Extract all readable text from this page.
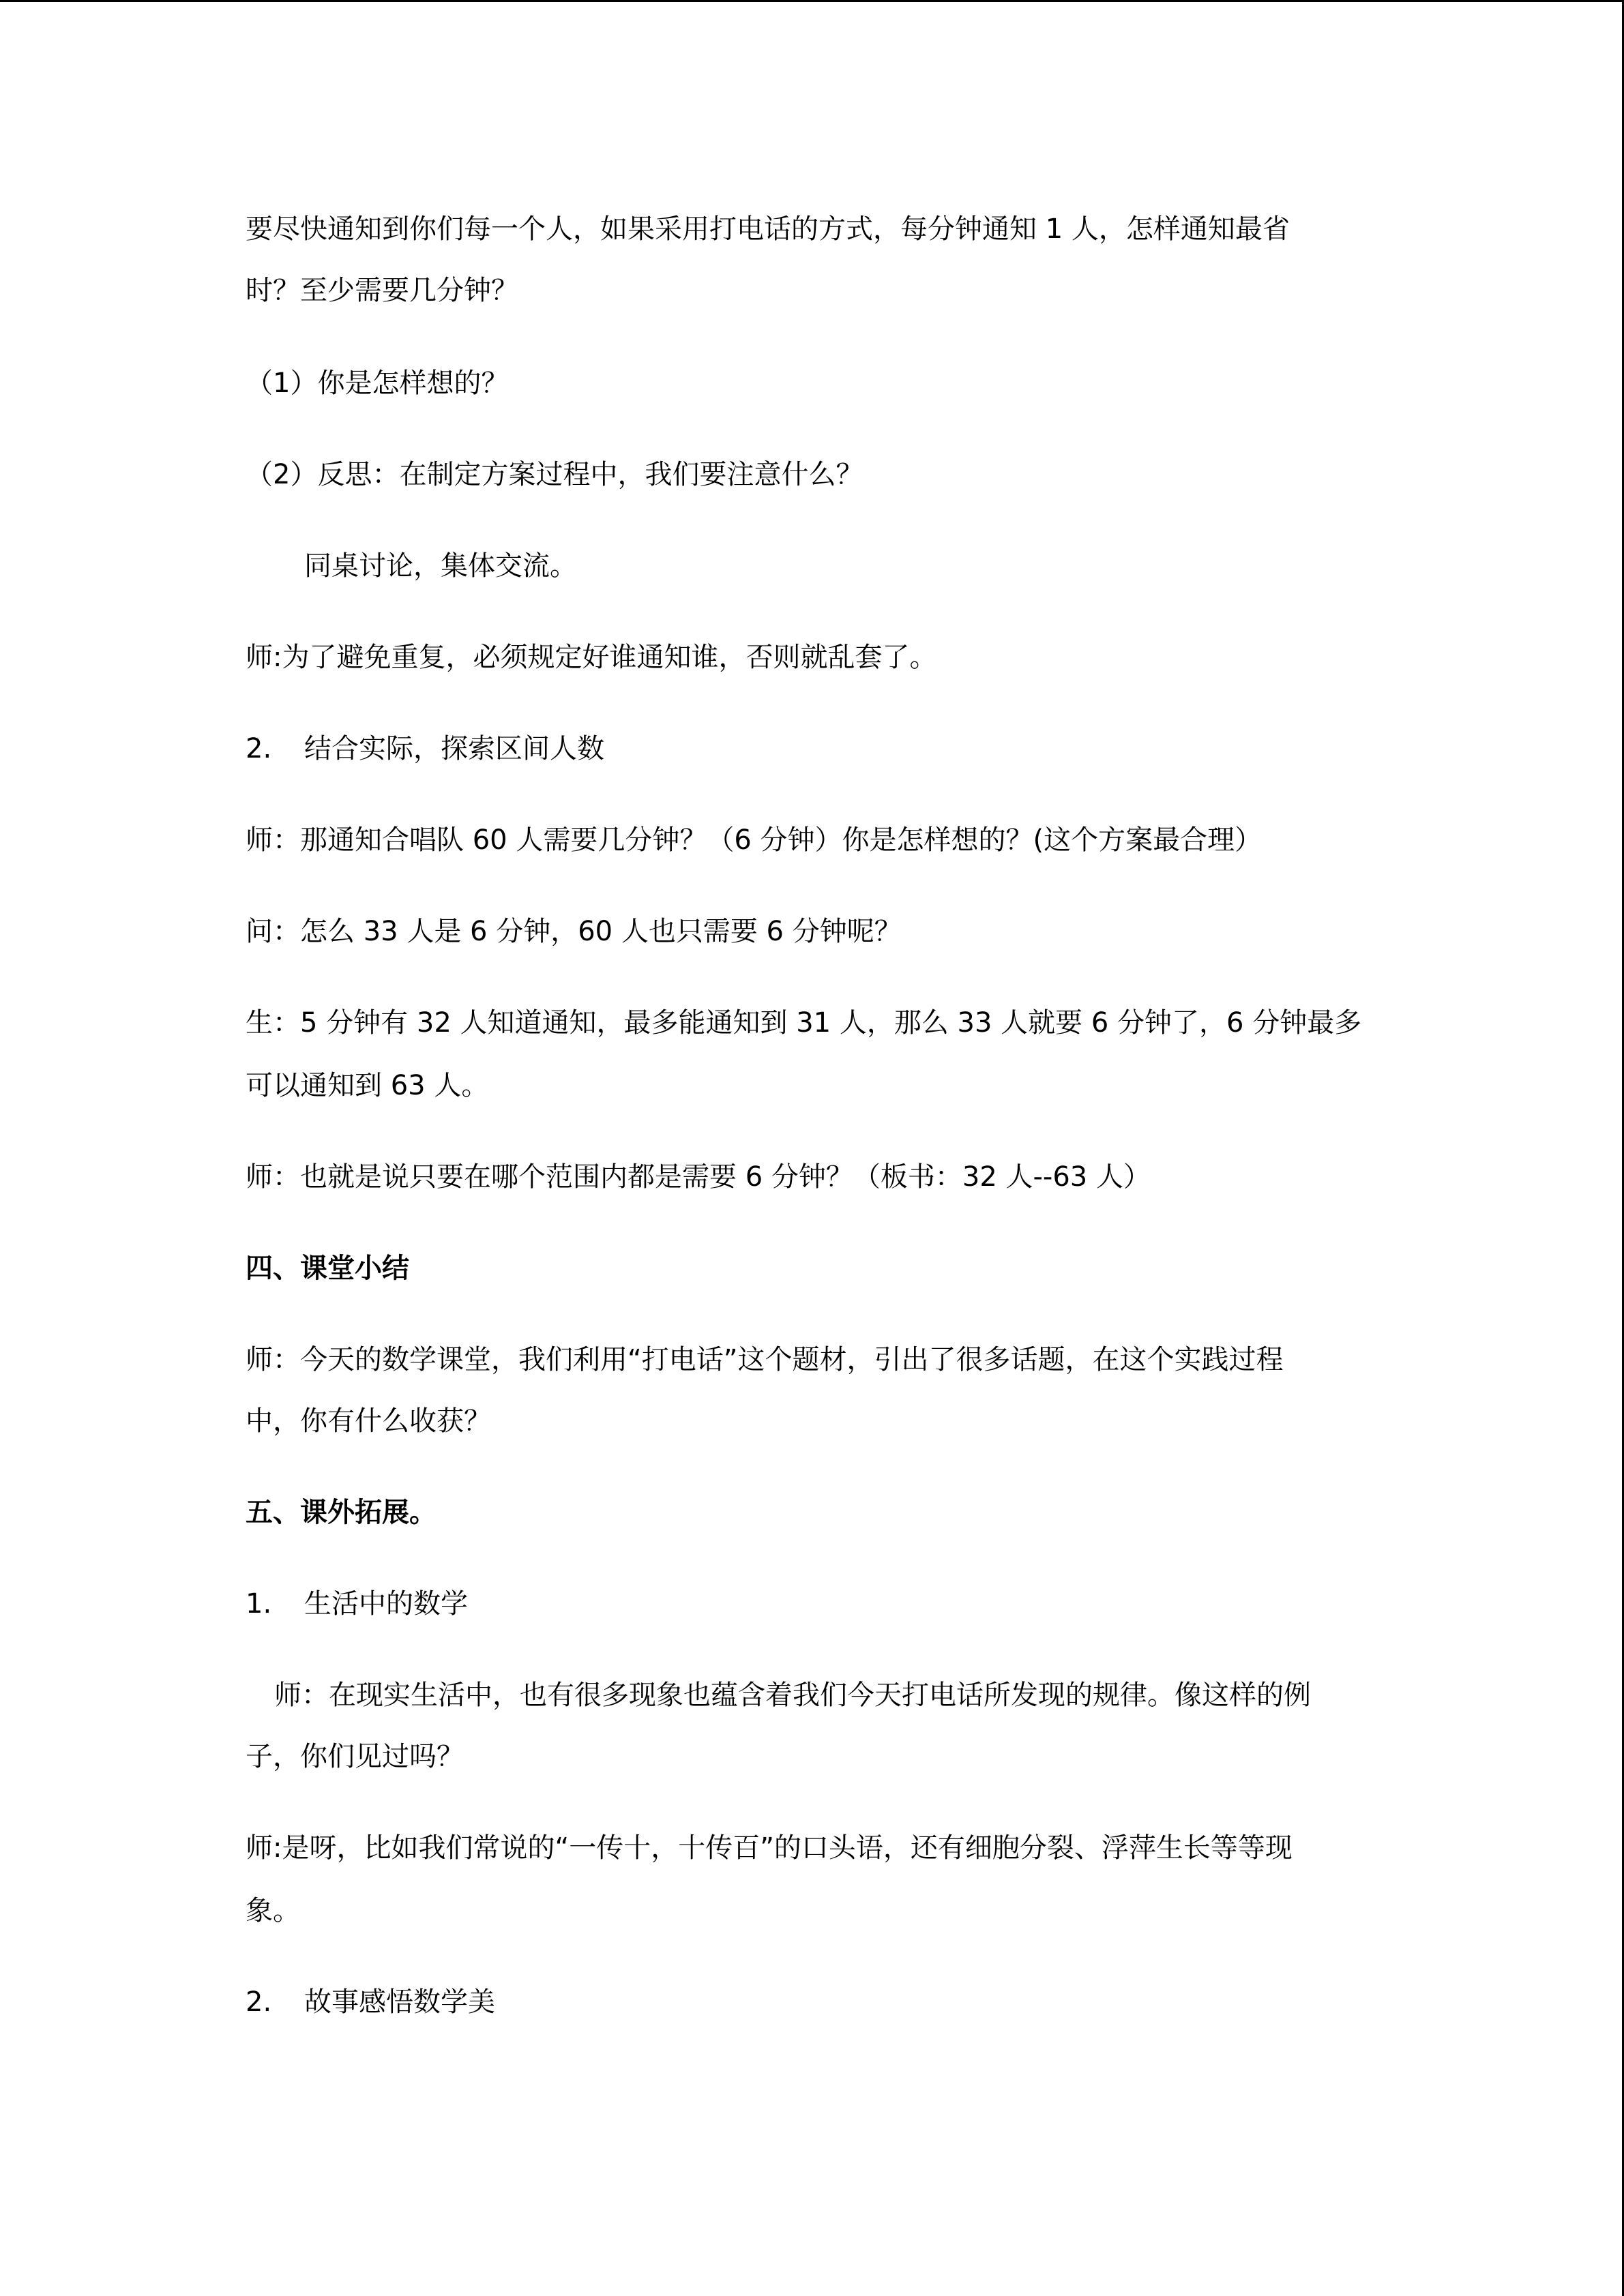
要尽快通知到你们每一个人，如果采用打电话的方式，每分钟通知 1 人，怎样通知最省
时？至少需要几分钟？
（1）你是怎样想的？
（2）反思：在制定方案过程中，我们要注意什么？
同桌讨论，集体交流。
师:为了避免重复，必须规定好谁通知谁，否则就乱套了。
2. 结合实际，探索区间人数
师：那通知合唱队 60 人需要几分钟？（6 分钟）你是怎样想的？(这个方案最合理）
问：怎么 33 人是 6 分钟，60 人也只需要 6 分钟呢？
生：5 分钟有 32 人知道通知，最多能通知到 31 人，那么 33 人就要 6 分钟了，6 分钟最多
可以通知到 63 人。
师：也就是说只要在哪个范围内都是需要 6 分钟？（板书：32 人--63 人）
四、课堂小结
师：今天的数学课堂，我们利用“打电话”这个题材，引出了很多话题，在这个实践过程
中，你有什么收获？
五、课外拓展。
1. 生活中的数学
师：在现实生活中，也有很多现象也蕴含着我们今天打电话所发现的规律。像这样的例
子，你们见过吗？
师:是呀，比如我们常说的“一传十，十传百”的口头语，还有细胞分裂、浮萍生长等等现
象。
2. 故事感悟数学美
